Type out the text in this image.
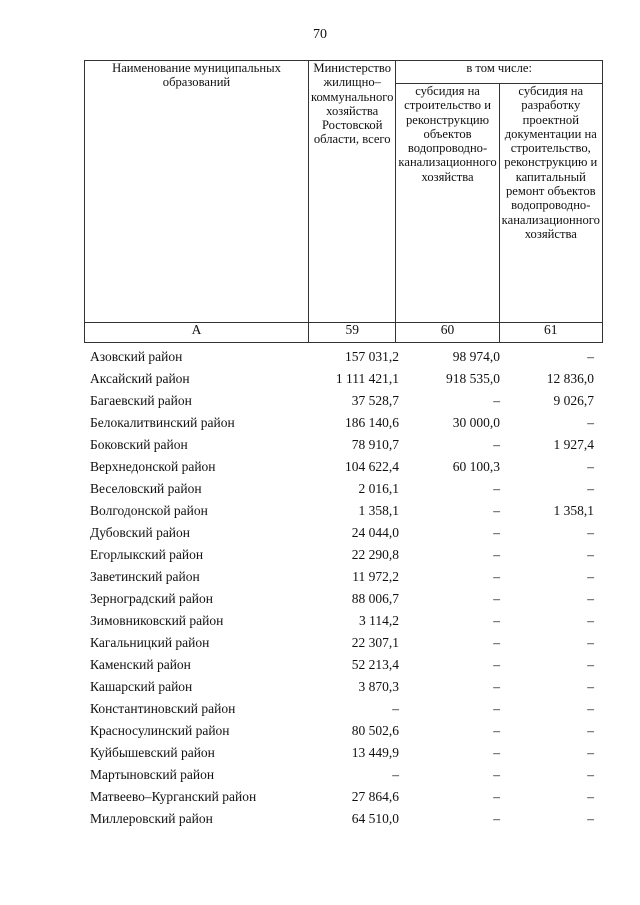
70
Наименование муниципальных образований	Министерство жилищно–коммунального хозяйства Ростовской области, всего	в том числе:	
		субсидия на строительство и реконструкцию объектов водопроводно-канализационного хозяйства	субсидия на разработку проектной документации на строительство, реконструкцию и капитальный ремонт объектов водопроводно-канализационного хозяйства
А	59	60	61
Азовский район	157 031,2	98 974,0	–
Аксайский район	1 111 421,1	918 535,0	12 836,0
Багаевский район	37 528,7	–	9 026,7
Белокалитвинский район	186 140,6	30 000,0	–
Боковский район	78 910,7	–	1 927,4
Верхнедонской район	104 622,4	60 100,3	–
Веселовский район	2 016,1	–	–
Волгодонской район	1 358,1	–	1 358,1
Дубовский район	24 044,0	–	–
Егорлыкский район	22 290,8	–	–
Заветинский район	11 972,2	–	–
Зерноградский район	88 006,7	–	–
Зимовниковский район	3 114,2	–	–
Кагальницкий район	22 307,1	–	–
Каменский район	52 213,4	–	–
Кашарский район	3 870,3	–	–
Константиновский район	–	–	–
Красносулинский район	80 502,6	–	–
Куйбышевский район	13 449,9	–	–
Мартыновский район	–	–	–
Матвеево–Курганский район	27 864,6	–	–
Миллеровский район	64 510,0	–	–
